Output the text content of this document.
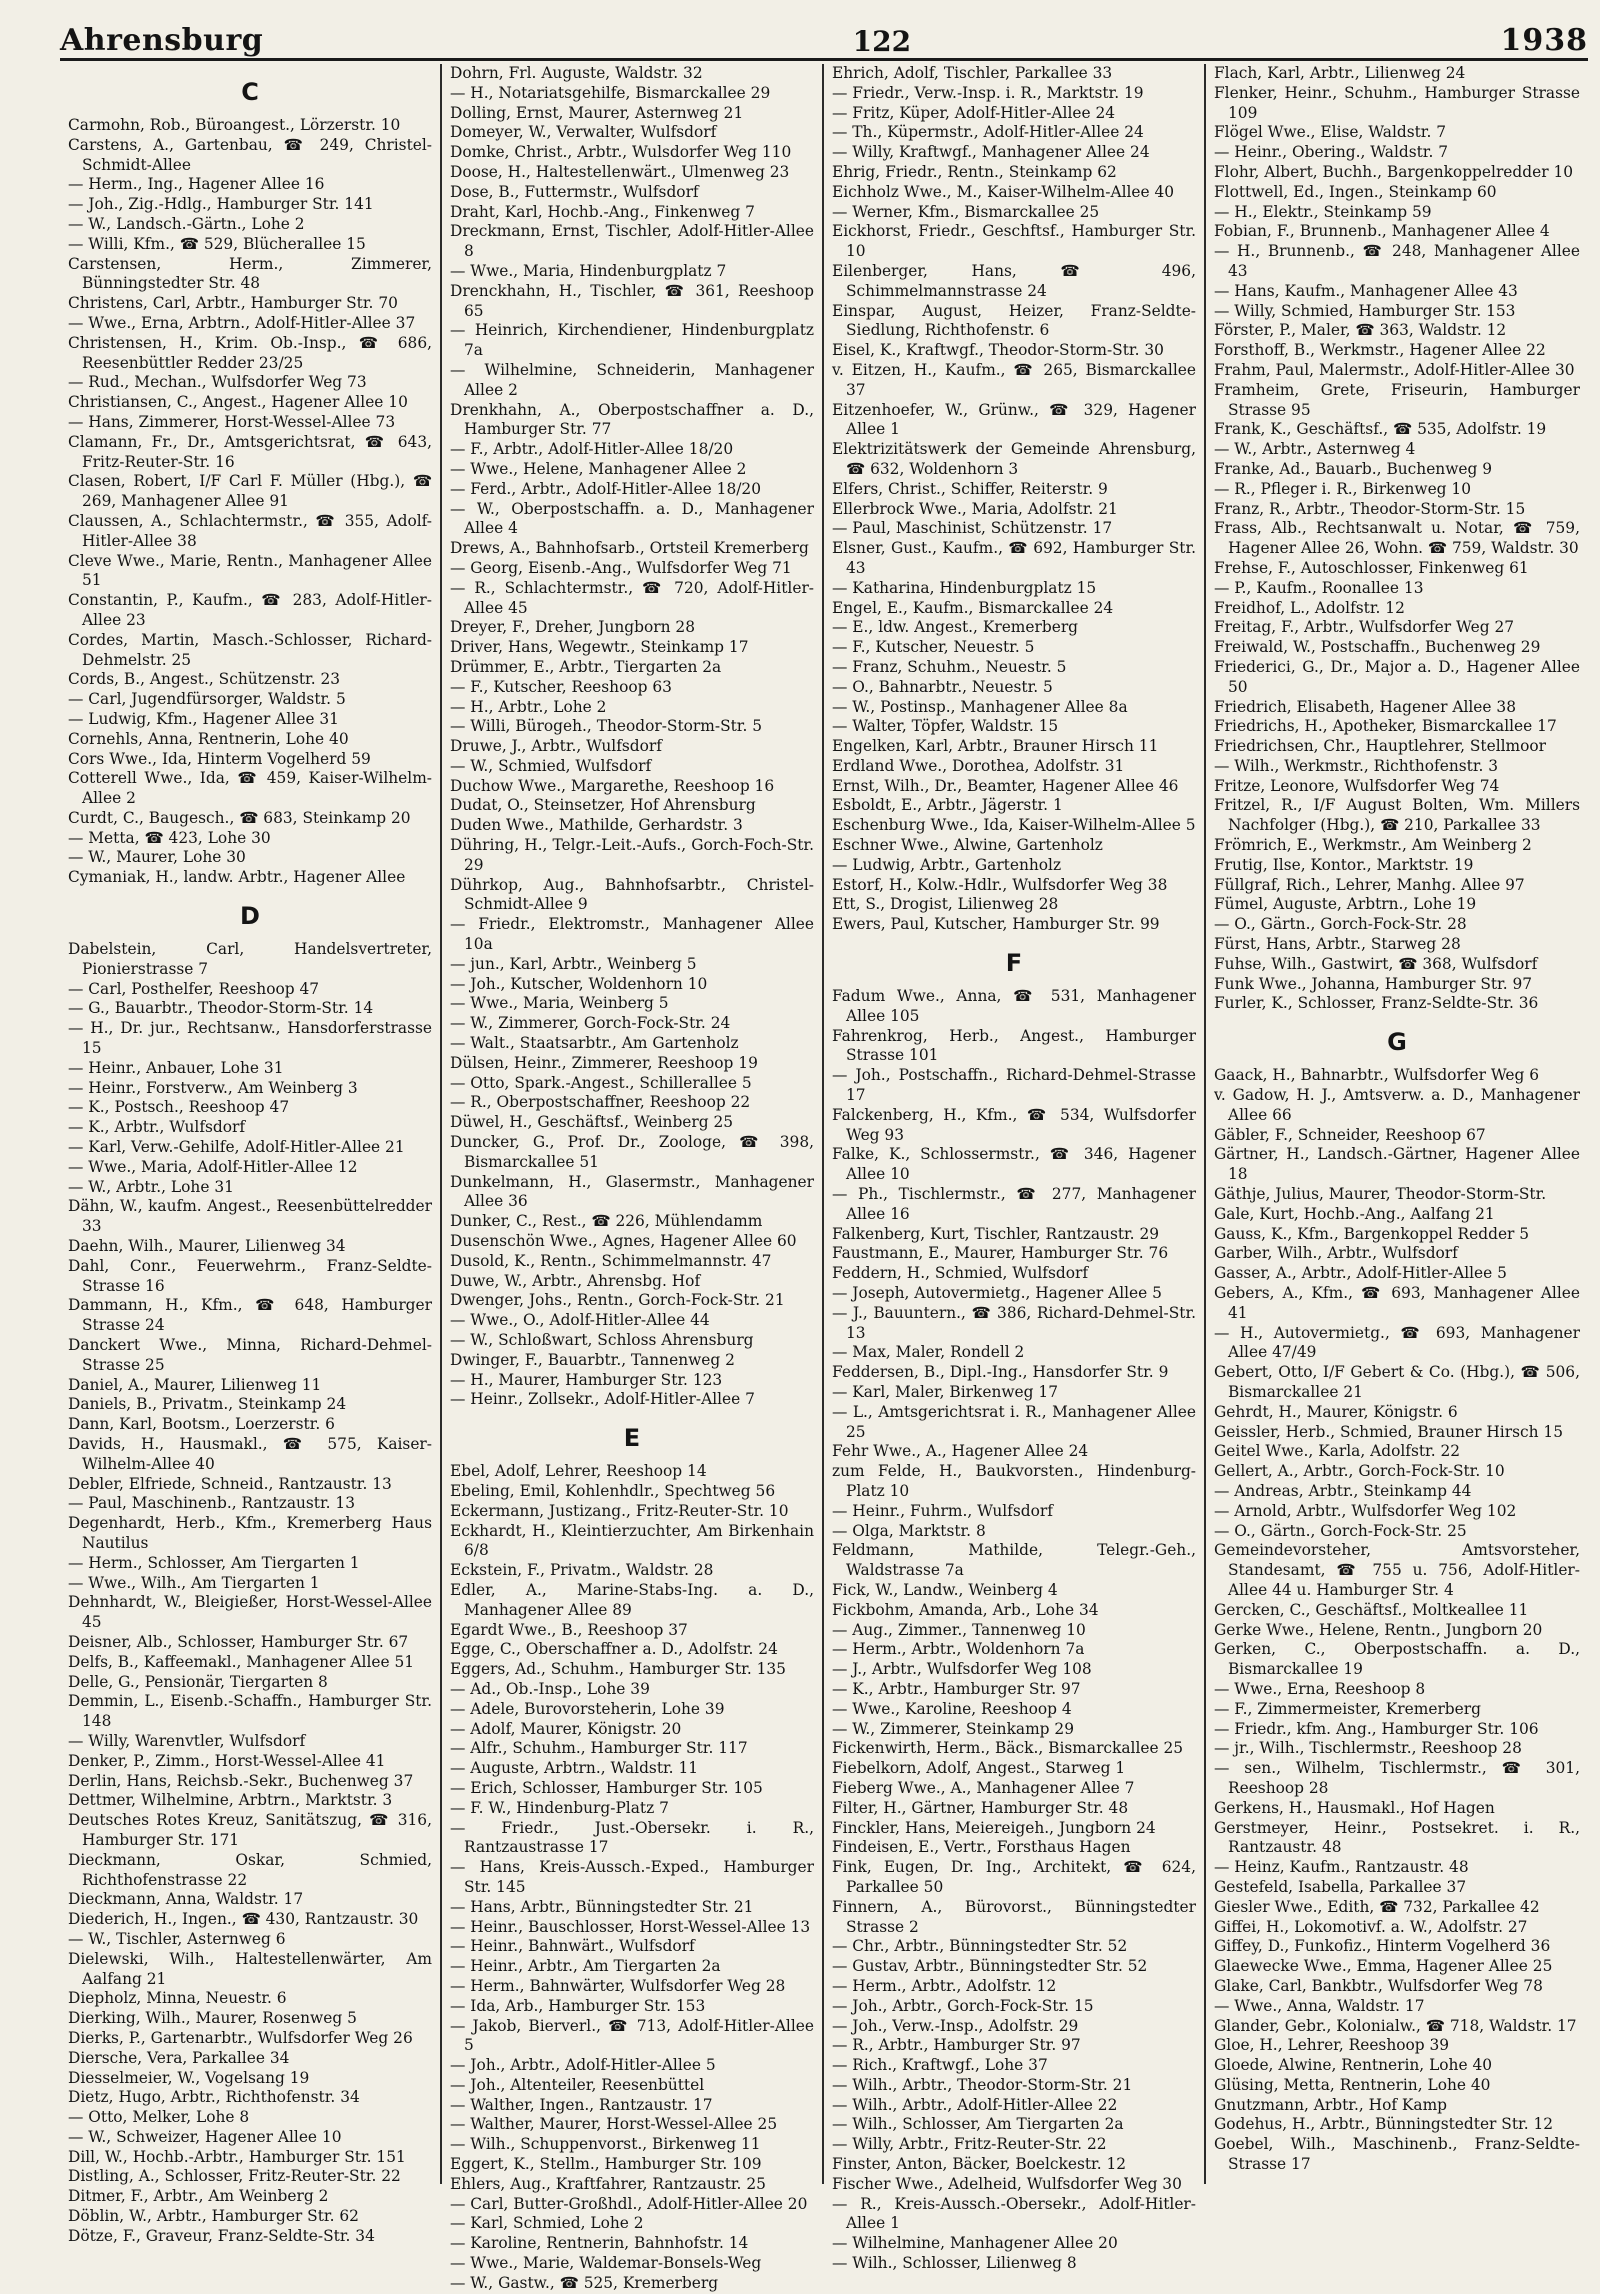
Ahrensburg	122	1938
C
Carmohn, Rob., Büroangest., Lörzerstr. 10
Carstens, A., Gartenbau, ☎ 249, Christel-Schmidt-Allee
— Herm., Ing., Hagener Allee 16
— Joh., Zig.-Hdlg., Hamburger Str. 141
— W., Landsch.-Gärtn., Lohe 2
— Willi, Kfm., ☎ 529, Blücherallee 15
Carstensen, Herm., Zimmerer, Bünningstedter Str. 48
Christens, Carl, Arbtr., Hamburger Str. 70
— Wwe., Erna, Arbtrn., Adolf-Hitler-Allee 37
Christensen, H., Krim. Ob.-Insp., ☎ 686, Reesenbüttler Redder 23/25
— Rud., Mechan., Wulfsdorfer Weg 73
Christiansen, C., Angest., Hagener Allee 10
— Hans, Zimmerer, Horst-Wessel-Allee 73
Clamann, Fr., Dr., Amtsgerichtsrat, ☎ 643, Fritz-Reuter-Str. 16
Clasen, Robert, I/F Carl F. Müller (Hbg.), ☎ 269, Manhagener Allee 91
Claussen, A., Schlachtermstr., ☎ 355, Adolf-Hitler-Allee 38
Cleve Wwe., Marie, Rentn., Manhagener Allee 51
Constantin, P., Kaufm., ☎ 283, Adolf-Hitler-Allee 23
Cordes, Martin, Masch.-Schlosser, Richard-Dehmelstr. 25
Cords, B., Angest., Schützenstr. 23
— Carl, Jugendfürsorger, Waldstr. 5
— Ludwig, Kfm., Hagener Allee 31
Cornehls, Anna, Rentnerin, Lohe 40
Cors Wwe., Ida, Hinterm Vogelherd 59
Cotterell Wwe., Ida, ☎ 459, Kaiser-Wilhelm-Allee 2
Curdt, C., Baugesch., ☎ 683, Steinkamp 20
— Metta, ☎ 423, Lohe 30
— W., Maurer, Lohe 30
Cymaniak, H., landw. Arbtr., Hagener Allee
D
Dabelstein, Carl, Handelsvertreter, Pionierstrasse 7
— Carl, Posthelfer, Reeshoop 47
— G., Bauarbtr., Theodor-Storm-Str. 14
— H., Dr. jur., Rechtsanw., Hansdorferstrasse 15
— Heinr., Anbauer, Lohe 31
— Heinr., Forstverw., Am Weinberg 3
— K., Postsch., Reeshoop 47
— K., Arbtr., Wulfsdorf
— Karl, Verw.-Gehilfe, Adolf-Hitler-Allee 21
— Wwe., Maria, Adolf-Hitler-Allee 12
— W., Arbtr., Lohe 31
Dähn, W., kaufm. Angest., Reesenbüttelredder 33
Daehn, Wilh., Maurer, Lilienweg 34
Dahl, Conr., Feuerwehrm., Franz-Seldte-Strasse 16
Dammann, H., Kfm., ☎ 648, Hamburger Strasse 24
Danckert Wwe., Minna, Richard-Dehmel-Strasse 25
Daniel, A., Maurer, Lilienweg 11
Daniels, B., Privatm., Steinkamp 24
Dann, Karl, Bootsm., Loerzerstr. 6
Davids, H., Hausmakl., ☎ 575, Kaiser-Wilhelm-Allee 40
Debler, Elfriede, Schneid., Rantzaustr. 13
— Paul, Maschinenb., Rantzaustr. 13
Degenhardt, Herb., Kfm., Kremerberg Haus Nautilus
— Herm., Schlosser, Am Tiergarten 1
— Wwe., Wilh., Am Tiergarten 1
Dehnhardt, W., Bleigießer, Horst-Wessel-Allee 45
Deisner, Alb., Schlosser, Hamburger Str. 67
Delfs, B., Kaffeemakl., Manhagener Allee 51
Delle, G., Pensionär, Tiergarten 8
Demmin, L., Eisenb.-Schaffn., Hamburger Str. 148
— Willy, Warenvtler, Wulfsdorf
Denker, P., Zimm., Horst-Wessel-Allee 41
Derlin, Hans, Reichsb.-Sekr., Buchenweg 37
Dettmer, Wilhelmine, Arbtrn., Marktstr. 3
Deutsches Rotes Kreuz, Sanitätszug, ☎ 316, Hamburger Str. 171
Dieckmann, Oskar, Schmied, Richthofenstrasse 22
Dieckmann, Anna, Waldstr. 17
Diederich, H., Ingen., ☎ 430, Rantzaustr. 30
— W., Tischler, Asternweg 6
Dielewski, Wilh., Haltestellenwärter, Am Aalfang 21
Diepholz, Minna, Neuestr. 6
Dierking, Wilh., Maurer, Rosenweg 5
Dierks, P., Gartenarbtr., Wulfsdorfer Weg 26
Diersche, Vera, Parkallee 34
Diesselmeier, W., Vogelsang 19
Dietz, Hugo, Arbtr., Richthofenstr. 34
— Otto, Melker, Lohe 8
— W., Schweizer, Hagener Allee 10
Dill, W., Hochb.-Arbtr., Hamburger Str. 151
Distling, A., Schlosser, Fritz-Reuter-Str. 22
Ditmer, F., Arbtr., Am Weinberg 2
Döblin, W., Arbtr., Hamburger Str. 62
Dötze, F., Graveur, Franz-Seldte-Str. 34
Dohrn, Frl. Auguste, Waldstr. 32
— H., Notariatsgehilfe, Bismarckallee 29
Dolling, Ernst, Maurer, Asternweg 21
Domeyer, W., Verwalter, Wulfsdorf
Domke, Christ., Arbtr., Wulsdorfer Weg 110
Doose, H., Haltestellenwärt., Ulmenweg 23
Dose, B., Futtermstr., Wulfsdorf
Draht, Karl, Hochb.-Ang., Finkenweg 7
Dreckmann, Ernst, Tischler, Adolf-Hitler-Allee 8
— Wwe., Maria, Hindenburgplatz 7
Drenckhahn, H., Tischler, ☎ 361, Reeshoop 65
— Heinrich, Kirchendiener, Hindenburgplatz 7a
— Wilhelmine, Schneiderin, Manhagener Allee 2
Drenkhahn, A., Oberpostschaffner a. D., Hamburger Str. 77
— F., Arbtr., Adolf-Hitler-Allee 18/20
— Wwe., Helene, Manhagener Allee 2
— Ferd., Arbtr., Adolf-Hitler-Allee 18/20
— W., Oberpostschaffn. a. D., Manhagener Allee 4
Drews, A., Bahnhofsarb., Ortsteil Kremerberg
— Georg, Eisenb.-Ang., Wulfsdorfer Weg 71
— R., Schlachtermstr., ☎ 720, Adolf-Hitler-Allee 45
Dreyer, F., Dreher, Jungborn 28
Driver, Hans, Wegewtr., Steinkamp 17
Drümmer, E., Arbtr., Tiergarten 2a
— F., Kutscher, Reeshoop 63
— H., Arbtr., Lohe 2
— Willi, Bürogeh., Theodor-Storm-Str. 5
Druwe, J., Arbtr., Wulfsdorf
— W., Schmied, Wulfsdorf
Duchow Wwe., Margarethe, Reeshoop 16
Dudat, O., Steinsetzer, Hof Ahrensburg
Duden Wwe., Mathilde, Gerhardstr. 3
Dühring, H., Telgr.-Leit.-Aufs., Gorch-Foch-Str. 29
Dührkop, Aug., Bahnhofsarbtr., Christel-Schmidt-Allee 9
— Friedr., Elektromstr., Manhagener Allee 10a
— jun., Karl, Arbtr., Weinberg 5
— Joh., Kutscher, Woldenhorn 10
— Wwe., Maria, Weinberg 5
— W., Zimmerer, Gorch-Fock-Str. 24
— Walt., Staatsarbtr., Am Gartenholz
Dülsen, Heinr., Zimmerer, Reeshoop 19
— Otto, Spark.-Angest., Schillerallee 5
— R., Oberpostschaffner, Reeshoop 22
Düwel, H., Geschäftsf., Weinberg 25
Duncker, G., Prof. Dr., Zoologe, ☎ 398, Bismarckallee 51
Dunkelmann, H., Glasermstr., Manhagener Allee 36
Dunker, C., Rest., ☎ 226, Mühlendamm
Dusenschön Wwe., Agnes, Hagener Allee 60
Dusold, K., Rentn., Schimmelmannstr. 47
Duwe, W., Arbtr., Ahrensbg. Hof
Dwenger, Johs., Rentn., Gorch-Fock-Str. 21
— Wwe., O., Adolf-Hitler-Allee 44
— W., Schloßwart, Schloss Ahrensburg
Dwinger, F., Bauarbtr., Tannenweg 2
— H., Maurer, Hamburger Str. 123
— Heinr., Zollsekr., Adolf-Hitler-Allee 7
E
Ebel, Adolf, Lehrer, Reeshoop 14
Ebeling, Emil, Kohlenhdlr., Spechtweg 56
Eckermann, Justizang., Fritz-Reuter-Str. 10
Eckhardt, H., Kleintierzuchter, Am Birkenhain 6/8
Eckstein, F., Privatm., Waldstr. 28
Edler, A., Marine-Stabs-Ing. a. D., Manhagener Allee 89
Egardt Wwe., B., Reeshoop 37
Egge, C., Oberschaffner a. D., Adolfstr. 24
Eggers, Ad., Schuhm., Hamburger Str. 135
— Ad., Ob.-Insp., Lohe 39
— Adele, Burovorsteherin, Lohe 39
— Adolf, Maurer, Königstr. 20
— Alfr., Schuhm., Hamburger Str. 117
— Auguste, Arbtrn., Waldstr. 11
— Erich, Schlosser, Hamburger Str. 105
— F. W., Hindenburg-Platz 7
— Friedr., Just.-Obersekr. i. R., Rantzaustrasse 17
— Hans, Kreis-Aussch.-Exped., Hamburger Str. 145
— Hans, Arbtr., Bünningstedter Str. 21
— Heinr., Bauschlosser, Horst-Wessel-Allee 13
— Heinr., Bahnwärt., Wulfsdorf
— Heinr., Arbtr., Am Tiergarten 2a
— Herm., Bahnwärter, Wulfsdorfer Weg 28
— Ida, Arb., Hamburger Str. 153
— Jakob, Bierverl., ☎ 713, Adolf-Hitler-Allee 5
— Joh., Arbtr., Adolf-Hitler-Allee 5
— Joh., Altenteiler, Reesenbüttel
— Walther, Ingen., Rantzaustr. 17
— Walther, Maurer, Horst-Wessel-Allee 25
— Wilh., Schuppenvorst., Birkenweg 11
Eggert, K., Stellm., Hamburger Str. 109
Ehlers, Aug., Kraftfahrer, Rantzaustr. 25
— Carl, Butter-Großhdl., Adolf-Hitler-Allee 20
— Karl, Schmied, Lohe 2
— Karoline, Rentnerin, Bahnhofstr. 14
— Wwe., Marie, Waldemar-Bonsels-Weg
— W., Gastw., ☎ 525, Kremerberg
Ehrich, Adolf, Tischler, Parkallee 33
— Friedr., Verw.-Insp. i. R., Marktstr. 19
— Fritz, Küper, Adolf-Hitler-Allee 24
— Th., Küpermstr., Adolf-Hitler-Allee 24
— Willy, Kraftwgf., Manhagener Allee 24
Ehrig, Friedr., Rentn., Steinkamp 62
Eichholz Wwe., M., Kaiser-Wilhelm-Allee 40
— Werner, Kfm., Bismarckallee 25
Eickhorst, Friedr., Geschftsf., Hamburger Str. 10
Eilenberger, Hans, ☎ 496, Schimmelmannstrasse 24
Einspar, August, Heizer, Franz-Seldte-Siedlung, Richthofenstr. 6
Eisel, K., Kraftwgf., Theodor-Storm-Str. 30
v. Eitzen, H., Kaufm., ☎ 265, Bismarckallee 37
Eitzenhoefer, W., Grünw., ☎ 329, Hagener Allee 1
Elektrizitätswerk der Gemeinde Ahrensburg, ☎ 632, Woldenhorn 3
Elfers, Christ., Schiffer, Reiterstr. 9
Ellerbrock Wwe., Maria, Adolfstr. 21
— Paul, Maschinist, Schützenstr. 17
Elsner, Gust., Kaufm., ☎ 692, Hamburger Str. 43
— Katharina, Hindenburgplatz 15
Engel, E., Kaufm., Bismarckallee 24
— E., ldw. Angest., Kremerberg
— F., Kutscher, Neuestr. 5
— Franz, Schuhm., Neuestr. 5
— O., Bahnarbtr., Neuestr. 5
— W., Postinsp., Manhagener Allee 8a
— Walter, Töpfer, Waldstr. 15
Engelken, Karl, Arbtr., Brauner Hirsch 11
Erdland Wwe., Dorothea, Adolfstr. 31
Ernst, Wilh., Dr., Beamter, Hagener Allee 46
Esboldt, E., Arbtr., Jägerstr. 1
Eschenburg Wwe., Ida, Kaiser-Wilhelm-Allee 5
Eschner Wwe., Alwine, Gartenholz
— Ludwig, Arbtr., Gartenholz
Estorf, H., Kolw.-Hdlr., Wulfsdorfer Weg 38
Ett, S., Drogist, Lilienweg 28
Ewers, Paul, Kutscher, Hamburger Str. 99
F
Fadum Wwe., Anna, ☎ 531, Manhagener Allee 105
Fahrenkrog, Herb., Angest., Hamburger Strasse 101
— Joh., Postschaffn., Richard-Dehmel-Strasse 17
Falckenberg, H., Kfm., ☎ 534, Wulfsdorfer Weg 93
Falke, K., Schlossermstr., ☎ 346, Hagener Allee 10
— Ph., Tischlermstr., ☎ 277, Manhagener Allee 16
Falkenberg, Kurt, Tischler, Rantzaustr. 29
Faustmann, E., Maurer, Hamburger Str. 76
Feddern, H., Schmied, Wulfsdorf
— Joseph, Autovermietg., Hagener Allee 5
— J., Bauuntern., ☎ 386, Richard-Dehmel-Str. 13
— Max, Maler, Rondell 2
Feddersen, B., Dipl.-Ing., Hansdorfer Str. 9
— Karl, Maler, Birkenweg 17
— L., Amtsgerichtsrat i. R., Manhagener Allee 25
Fehr Wwe., A., Hagener Allee 24
zum Felde, H., Baukvorsten., Hindenburg-Platz 10
— Heinr., Fuhrm., Wulfsdorf
— Olga, Marktstr. 8
Feldmann, Mathilde, Telegr.-Geh., Waldstrasse 7a
Fick, W., Landw., Weinberg 4
Fickbohm, Amanda, Arb., Lohe 34
— Aug., Zimmer., Tannenweg 10
— Herm., Arbtr., Woldenhorn 7a
— J., Arbtr., Wulfsdorfer Weg 108
— K., Arbtr., Hamburger Str. 97
— Wwe., Karoline, Reeshoop 4
— W., Zimmerer, Steinkamp 29
Fickenwirth, Herm., Bäck., Bismarckallee 25
Fiebelkorn, Adolf, Angest., Starweg 1
Fieberg Wwe., A., Manhagener Allee 7
Filter, H., Gärtner, Hamburger Str. 48
Finckler, Hans, Meiereigeh., Jungborn 24
Findeisen, E., Vertr., Forsthaus Hagen
Fink, Eugen, Dr. Ing., Architekt, ☎ 624, Parkallee 50
Finnern, A., Bürovorst., Bünningstedter Strasse 2
— Chr., Arbtr., Bünningstedter Str. 52
— Gustav, Arbtr., Bünningstedter Str. 52
— Herm., Arbtr., Adolfstr. 12
— Joh., Arbtr., Gorch-Fock-Str. 15
— Joh., Verw.-Insp., Adolfstr. 29
— R., Arbtr., Hamburger Str. 97
— Rich., Kraftwgf., Lohe 37
— Wilh., Arbtr., Theodor-Storm-Str. 21
— Wilh., Arbtr., Adolf-Hitler-Allee 22
— Wilh., Schlosser, Am Tiergarten 2a
— Willy, Arbtr., Fritz-Reuter-Str. 22
Finster, Anton, Bäcker, Boelckestr. 12
Fischer Wwe., Adelheid, Wulfsdorfer Weg 30
— R., Kreis-Aussch.-Obersekr., Adolf-Hitler-Allee 1
— Wilhelmine, Manhagener Allee 20
— Wilh., Schlosser, Lilienweg 8
Flach, Karl, Arbtr., Lilienweg 24
Flenker, Heinr., Schuhm., Hamburger Strasse 109
Flögel Wwe., Elise, Waldstr. 7
— Heinr., Obering., Waldstr. 7
Flohr, Albert, Buchh., Bargenkoppelredder 10
Flottwell, Ed., Ingen., Steinkamp 60
— H., Elektr., Steinkamp 59
Fobian, F., Brunnenb., Manhagener Allee 4
— H., Brunnenb., ☎ 248, Manhagener Allee 43
— Hans, Kaufm., Manhagener Allee 43
— Willy, Schmied, Hamburger Str. 153
Förster, P., Maler, ☎ 363, Waldstr. 12
Forsthoff, B., Werkmstr., Hagener Allee 22
Frahm, Paul, Malermstr., Adolf-Hitler-Allee 30
Framheim, Grete, Friseurin, Hamburger Strasse 95
Frank, K., Geschäftsf., ☎ 535, Adolfstr. 19
— W., Arbtr., Asternweg 4
Franke, Ad., Bauarb., Buchenweg 9
— R., Pfleger i. R., Birkenweg 10
Franz, R., Arbtr., Theodor-Storm-Str. 15
Frass, Alb., Rechtsanwalt u. Notar, ☎ 759, Hagener Allee 26, Wohn. ☎ 759, Waldstr. 30
Frehse, F., Autoschlosser, Finkenweg 61
— P., Kaufm., Roonallee 13
Freidhof, L., Adolfstr. 12
Freitag, F., Arbtr., Wulfsdorfer Weg 27
Freiwald, W., Postschaffn., Buchenweg 29
Friederici, G., Dr., Major a. D., Hagener Allee 50
Friedrich, Elisabeth, Hagener Allee 38
Friedrichs, H., Apotheker, Bismarckallee 17
Friedrichsen, Chr., Hauptlehrer, Stellmoor
— Wilh., Werkmstr., Richthofenstr. 3
Fritze, Leonore, Wulfsdorfer Weg 74
Fritzel, R., I/F August Bolten, Wm. Millers Nachfolger (Hbg.), ☎ 210, Parkallee 33
Frömrich, E., Werkmstr., Am Weinberg 2
Frutig, Ilse, Kontor., Marktstr. 19
Füllgraf, Rich., Lehrer, Manhg. Allee 97
Fümel, Auguste, Arbtrn., Lohe 19
— O., Gärtn., Gorch-Fock-Str. 28
Fürst, Hans, Arbtr., Starweg 28
Fuhse, Wilh., Gastwirt, ☎ 368, Wulfsdorf
Funk Wwe., Johanna, Hamburger Str. 97
Furler, K., Schlosser, Franz-Seldte-Str. 36
G
Gaack, H., Bahnarbtr., Wulfsdorfer Weg 6
v. Gadow, H. J., Amtsverw. a. D., Manhagener Allee 66
Gäbler, F., Schneider, Reeshoop 67
Gärtner, H., Landsch.-Gärtner, Hagener Allee 18
Gäthje, Julius, Maurer, Theodor-Storm-Str.
Gale, Kurt, Hochb.-Ang., Aalfang 21
Gauss, K., Kfm., Bargenkoppel Redder 5
Garber, Wilh., Arbtr., Wulfsdorf
Gasser, A., Arbtr., Adolf-Hitler-Allee 5
Gebers, A., Kfm., ☎ 693, Manhagener Allee 41
— H., Autovermietg., ☎ 693, Manhagener Allee 47/49
Gebert, Otto, I/F Gebert & Co. (Hbg.), ☎ 506, Bismarckallee 21
Gehrdt, H., Maurer, Königstr. 6
Geissler, Herb., Schmied, Brauner Hirsch 15
Geitel Wwe., Karla, Adolfstr. 22
Gellert, A., Arbtr., Gorch-Fock-Str. 10
— Andreas, Arbtr., Steinkamp 44
— Arnold, Arbtr., Wulfsdorfer Weg 102
— O., Gärtn., Gorch-Fock-Str. 25
Gemeindevorsteher, Amtsvorsteher, Standesamt, ☎ 755 u. 756, Adolf-Hitler-Allee 44 u. Hamburger Str. 4
Gercken, C., Geschäftsf., Moltkeallee 11
Gerke Wwe., Helene, Rentn., Jungborn 20
Gerken, C., Oberpostschaffn. a. D., Bismarckallee 19
— Wwe., Erna, Reeshoop 8
— F., Zimmermeister, Kremerberg
— Friedr., kfm. Ang., Hamburger Str. 106
— jr., Wilh., Tischlermstr., Reeshoop 28
— sen., Wilhelm, Tischlermstr., ☎ 301, Reeshoop 28
Gerkens, H., Hausmakl., Hof Hagen
Gerstmeyer, Heinr., Postsekret. i. R., Rantzaustr. 48
— Heinz, Kaufm., Rantzaustr. 48
Gestefeld, Isabella, Parkallee 37
Giesler Wwe., Edith, ☎ 732, Parkallee 42
Giffei, H., Lokomotivf. a. W., Adolfstr. 27
Giffey, D., Funkofiz., Hinterm Vogelherd 36
Glaewecke Wwe., Emma, Hagener Allee 25
Glake, Carl, Bankbtr., Wulfsdorfer Weg 78
— Wwe., Anna, Waldstr. 17
Glander, Gebr., Kolonialw., ☎ 718, Waldstr. 17
Gloe, H., Lehrer, Reeshoop 39
Gloede, Alwine, Rentnerin, Lohe 40
Glüsing, Metta, Rentnerin, Lohe 40
Gnutzmann, Arbtr., Hof Kamp
Godehus, H., Arbtr., Bünningstedter Str. 12
Goebel, Wilh., Maschinenb., Franz-Seldte-Strasse 17
